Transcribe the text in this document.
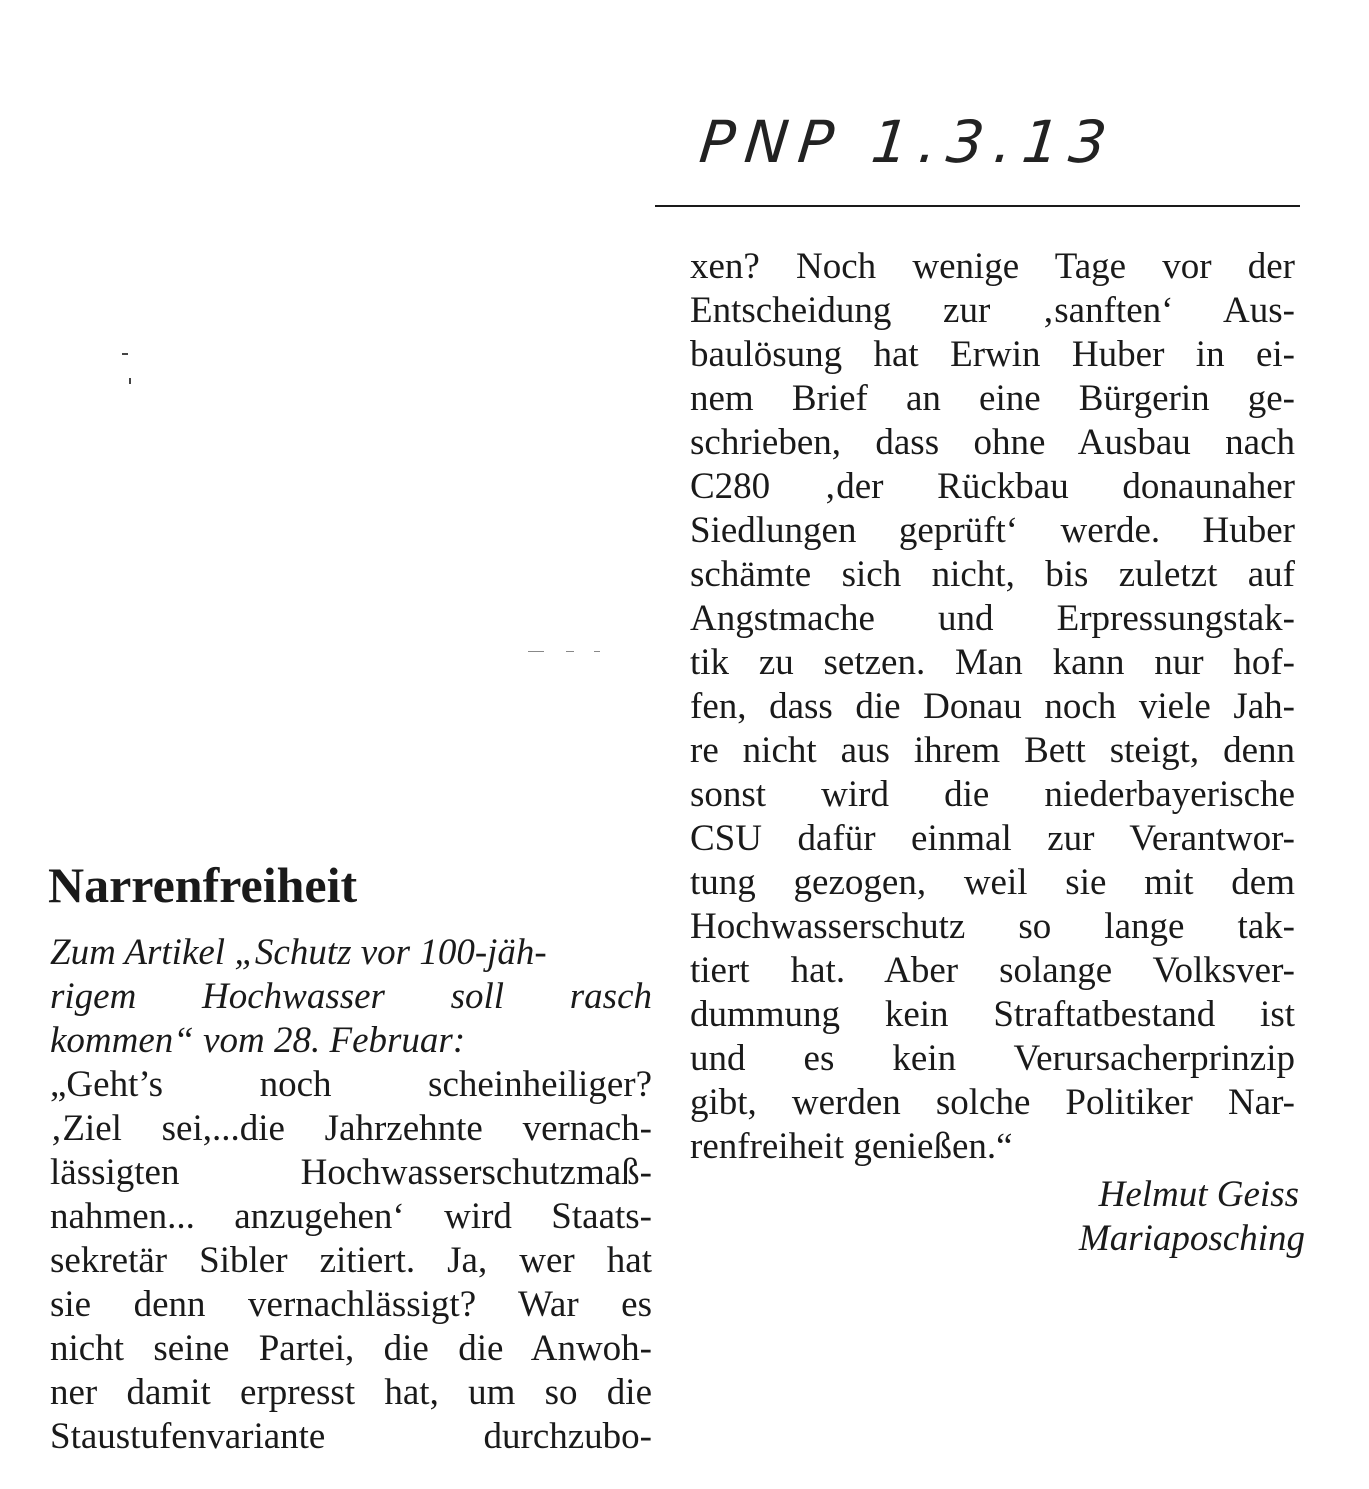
PNP 1.3.13
Narrenfreiheit
Zum Artikel „Schutz vor 100-jäh-
rigem Hochwasser soll rasch
kommen“ vom 28. Februar:
„Geht’s noch scheinheiliger?
‚Ziel sei,...die Jahrzehnte vernach-
lässigten Hochwasserschutzmaß-
nahmen... anzugehen‘ wird Staats-
sekretär Sibler zitiert. Ja, wer hat
sie denn vernachlässigt? War es
nicht seine Partei, die die Anwoh-
ner damit erpresst hat, um so die
Staustufenvariante durchzubo-
xen? Noch wenige Tage vor der
Entscheidung zur ‚sanften‘ Aus-
baulösung hat Erwin Huber in ei-
nem Brief an eine Bürgerin ge-
schrieben, dass ohne Ausbau nach
C280 ‚der Rückbau donaunaher
Siedlungen geprüft‘ werde. Huber
schämte sich nicht, bis zuletzt auf
Angstmache und Erpressungstak-
tik zu setzen. Man kann nur hof-
fen, dass die Donau noch viele Jah-
re nicht aus ihrem Bett steigt, denn
sonst wird die niederbayerische
CSU dafür einmal zur Verantwor-
tung gezogen, weil sie mit dem
Hochwasserschutz so lange tak-
tiert hat. Aber solange Volksver-
dummung kein Straftatbestand ist
und es kein Verursacherprinzip
gibt, werden solche Politiker Nar-
renfreiheit genießen.“
Helmut Geiss
Mariaposching
